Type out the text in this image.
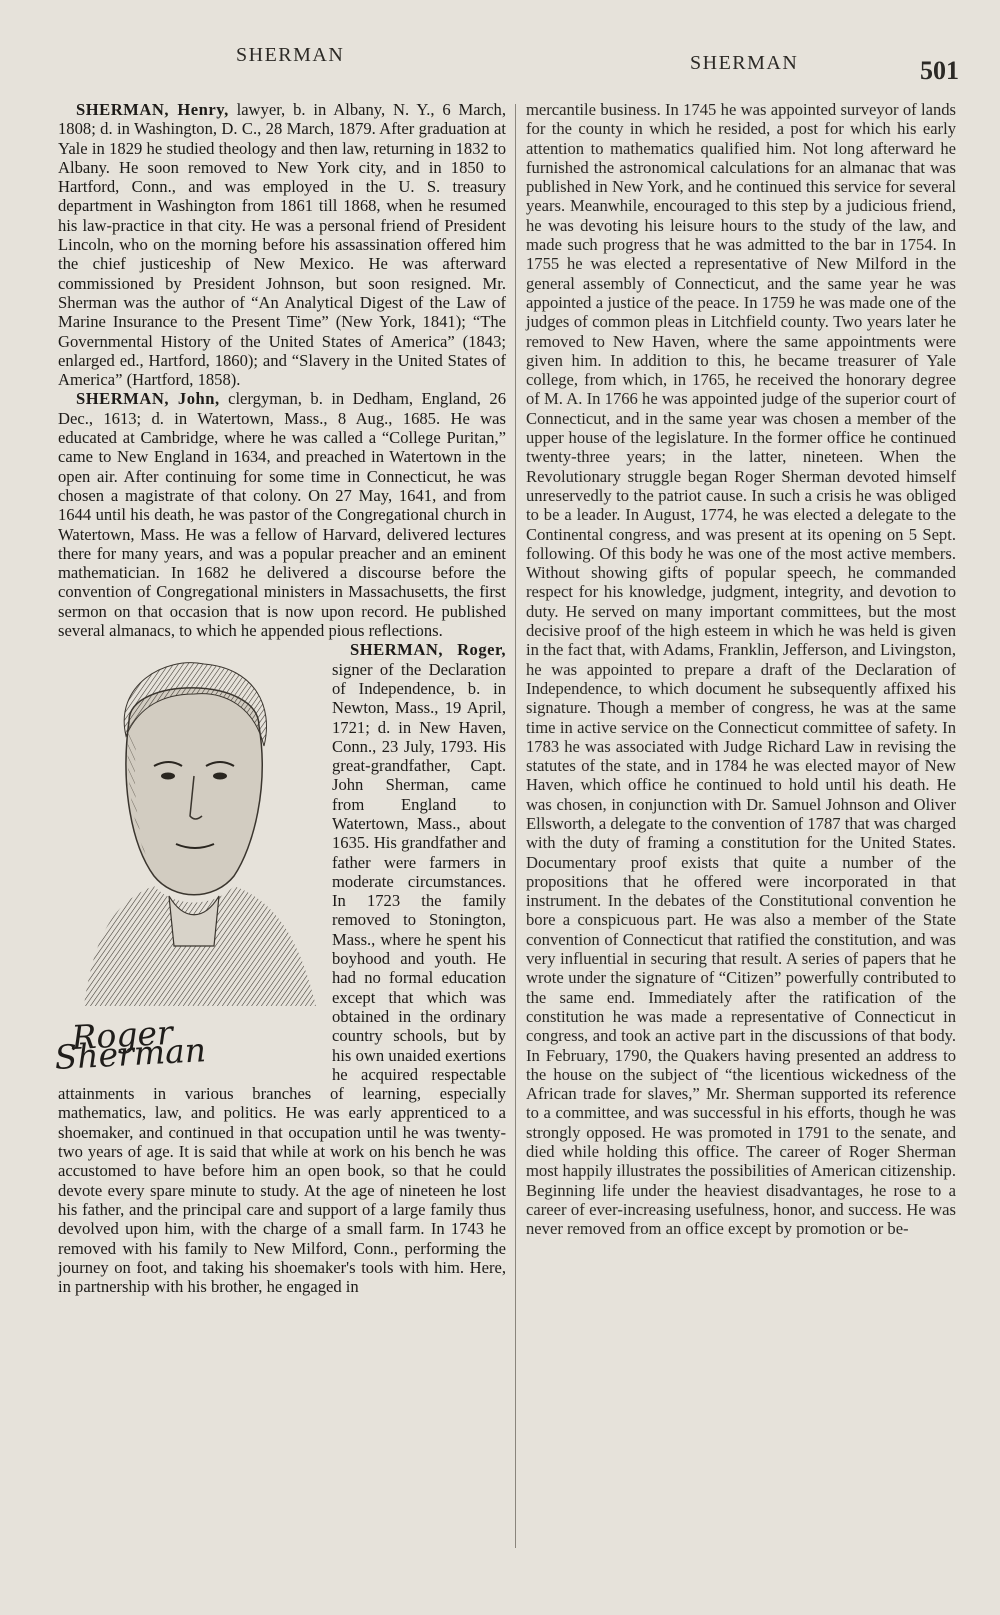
SHERMAN	SHERMAN	501

SHERMAN, Henry, lawyer, b. in Albany, N. Y., 6 March, 1808; d. in Washington, D. C., 28 March, 1879. After graduation at Yale in 1829 he studied theology and then law, returning in 1832 to Albany. He soon removed to New York city, and in 1850 to Hartford, Conn., and was employed in the U. S. treasury department in Washington from 1861 till 1868, when he resumed his law-practice in that city. He was a personal friend of President Lincoln, who on the morning before his assassination offered him the chief justiceship of New Mexico. He was afterward commissioned by President Johnson, but soon resigned. Mr. Sherman was the author of “An Analytical Digest of the Law of Marine Insurance to the Present Time” (New York, 1841); “The Governmental History of the United States of America” (1843; enlarged ed., Hartford, 1860); and “Slavery in the United States of America” (Hartford, 1858).

SHERMAN, John, clergyman, b. in Dedham, England, 26 Dec., 1613; d. in Watertown, Mass., 8 Aug., 1685. He was educated at Cambridge, where he was called a “College Puritan,” came to New England in 1634, and preached in Watertown in the open air. After continuing for some time in Connecticut, he was chosen a magistrate of that colony. On 27 May, 1641, and from 1644 until his death, he was pastor of the Congregational church in Watertown, Mass. He was a fellow of Harvard, delivered lectures there for many years, and was a popular preacher and an eminent mathematician. In 1682 he delivered a discourse before the convention of Congregational ministers in Massachusetts, the first sermon on that occasion that is now upon record. He published several almanacs, to which he appended pious reflections.

Roger Sherman
SHERMAN, Roger, signer of the Declaration of Independence, b. in Newton, Mass., 19 April, 1721; d. in New Haven, Conn., 23 July, 1793. His great-grandfather, Capt. John Sherman, came from England to Watertown, Mass., about 1635. His grandfather and father were farmers in moderate circumstances. In 1723 the family removed to Stonington, Mass., where he spent his boyhood and youth. He had no formal education except that which was obtained in the ordinary country schools, but by his own unaided exertions he acquired respectable attainments in various branches of learning, especially mathematics, law, and politics. He was early apprenticed to a shoemaker, and continued in that occupation until he was twenty-two years of age. It is said that while at work on his bench he was accustomed to have before him an open book, so that he could devote every spare minute to study. At the age of nineteen he lost his father, and the principal care and support of a large family thus devolved upon him, with the charge of a small farm. In 1743 he removed with his family to New Milford, Conn., performing the journey on foot, and taking his shoemaker's tools with him. Here, in partnership with his brother, he engaged in

mercantile business. In 1745 he was appointed surveyor of lands for the county in which he resided, a post for which his early attention to mathematics qualified him. Not long afterward he furnished the astronomical calculations for an almanac that was published in New York, and he continued this service for several years. Meanwhile, encouraged to this step by a judicious friend, he was devoting his leisure hours to the study of the law, and made such progress that he was admitted to the bar in 1754. In 1755 he was elected a representative of New Milford in the general assembly of Connecticut, and the same year he was appointed a justice of the peace. In 1759 he was made one of the judges of common pleas in Litchfield county. Two years later he removed to New Haven, where the same appointments were given him. In addition to this, he became treasurer of Yale college, from which, in 1765, he received the honorary degree of M. A. In 1766 he was appointed judge of the superior court of Connecticut, and in the same year was chosen a member of the upper house of the legislature. In the former office he continued twenty-three years; in the latter, nineteen. When the Revolutionary struggle began Roger Sherman devoted himself unreservedly to the patriot cause. In such a crisis he was obliged to be a leader. In August, 1774, he was elected a delegate to the Continental congress, and was present at its opening on 5 Sept. following. Of this body he was one of the most active members. Without showing gifts of popular speech, he commanded respect for his knowledge, judgment, integrity, and devotion to duty. He served on many important committees, but the most decisive proof of the high esteem in which he was held is given in the fact that, with Adams, Franklin, Jefferson, and Livingston, he was appointed to prepare a draft of the Declaration of Independence, to which document he subsequently affixed his signature. Though a member of congress, he was at the same time in active service on the Connecticut committee of safety. In 1783 he was associated with Judge Richard Law in revising the statutes of the state, and in 1784 he was elected mayor of New Haven, which office he continued to hold until his death. He was chosen, in conjunction with Dr. Samuel Johnson and Oliver Ellsworth, a delegate to the convention of 1787 that was charged with the duty of framing a constitution for the United States. Documentary proof exists that quite a number of the propositions that he offered were incorporated in that instrument. In the debates of the Constitutional convention he bore a conspicuous part. He was also a member of the State convention of Connecticut that ratified the constitution, and was very influential in securing that result. A series of papers that he wrote under the signature of “Citizen” powerfully contributed to the same end. Immediately after the ratification of the constitution he was made a representative of Connecticut in congress, and took an active part in the discussions of that body. In February, 1790, the Quakers having presented an address to the house on the subject of “the licentious wickedness of the African trade for slaves,” Mr. Sherman supported its reference to a committee, and was successful in his efforts, though he was strongly opposed. He was promoted in 1791 to the senate, and died while holding this office. The career of Roger Sherman most happily illustrates the possibilities of American citizenship. Beginning life under the heaviest disadvantages, he rose to a career of ever-increasing usefulness, honor, and success. He was never removed from an office except by promotion or be-
